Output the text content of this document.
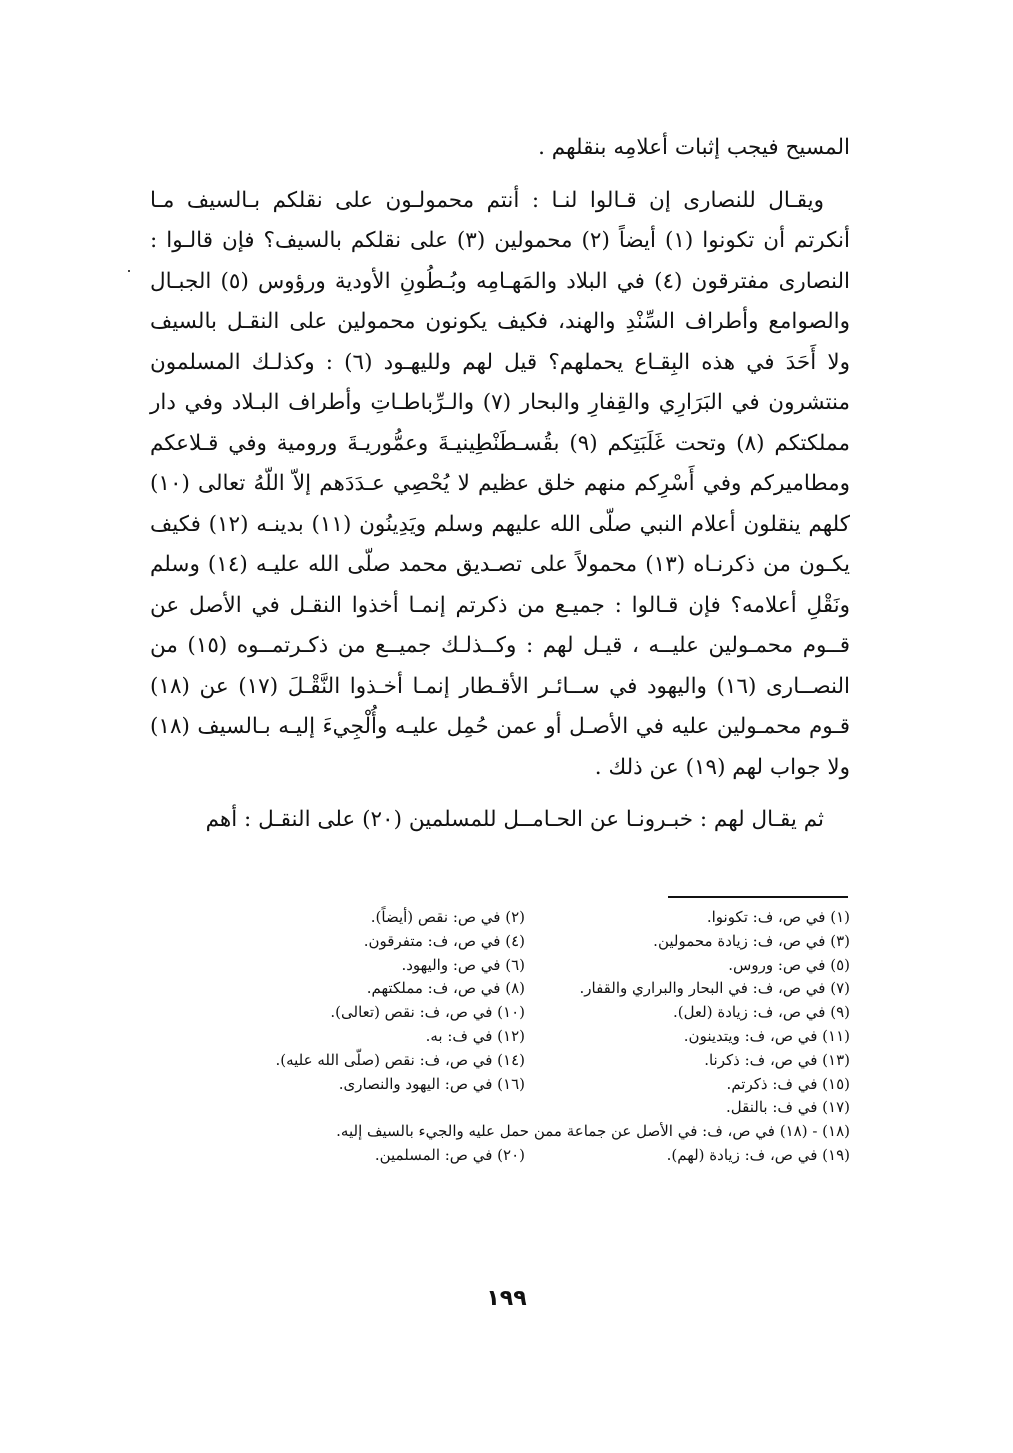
المسيح فيجب إثبات أعلامِه بنقلهم .

ويقـال للنصارى إن قـالوا لنـا : أنتم محمولـون على نقلكم بـالسيف مـا أنكرتم أن تكونوا (١) أيضاً (٢) محمولين (٣) على نقلكم بالسيف؟ فإن قالـوا : النصارى مفترقون (٤) في البلاد والمَهـامِه وبُـطُونِ الأودية ورؤوس (٥) الجبـال والصوامع وأطراف السِّنْدِ والهند، فكيف يكونون محمولين على النقـل بالسيف ولا أَحَدَ في هذه البِقـاع يحملهم؟ قيل لهم ولليهـود (٦) : وكذلـك المسلمون منتشرون في البَرَارِي والقِفارِ والبحار (٧) والـرِّباطـاتِ وأطراف البـلاد وفي دار مملكتكم (٨) وتحت غَلَبَتِكم (٩) بقُسـطَنْطِينيـةَ وعمُّوريـةَ ورومية وفي قـلاعكم ومطاميركم وفي أَسْرِكم منهم خلق عظيم لا يُحْصِي عـدَدَهم إلاّ اللّهُ تعالى (١٠) كلهم ينقلون أعلام النبي صلّى الله عليهم وسلم ويَدِينُون (١١) بدينـه (١٢) فكيف يكـون من ذكرنـاه (١٣) محمولاً على تصـديق محمد صلّى الله عليـه (١٤) وسلم ونَقْلِ أعلامه؟ فإن قـالوا : جميـع من ذكرتم إنمـا أخذوا النقـل في الأصل عن قــوم محمـولين عليــه ، قيـل لهم : وكــذلـك جميــع من ذكـرتمــوه (١٥) من النصــارى (١٦) واليهود في ســائـر الأقـطار إنمـا أخـذوا النَّقْـلَ (١٧) عن (١٨) قـوم محمـولين عليه في الأصـل أو عمن حُمِل عليـه وأُلْجِيءَ إليـه بـالسيف (١٨) ولا جواب لهم (١٩) عن ذلك .

ثم يقـال لهم : خبـرونـا عن الحـامــل للمسلمين (٢٠) على النقـل : أهم

(١) في ص، ف: تكونوا.
(٢) في ص: نقص (أيضاً).
(٣) في ص، ف: زيادة محمولين.
(٤) في ص، ف: متفرقون.
(٥) في ص: وروس.
(٦) في ص: واليهود.
(٧) في ص، ف: في البحار والبراري والقفار.
(٨) في ص، ف: مملكتهم.
(٩) في ص، ف: زيادة (لعل).
(١٠) في ص، ف: نقص (تعالى).
(١١) في ص، ف: ويتدينون.
(١٢) في ف: به.
(١٣) في ص، ف: ذكرنا.
(١٤) في ص، ف: نقص (صلّى الله عليه).
(١٥) في ف: ذكرتم.
(١٦) في ص: اليهود والنصارى.
(١٧) في ف: بالنقل.
(١٨) - (١٨) في ص، ف: في الأصل عن جماعة ممن حمل عليه والجيء بالسيف إليه.
(١٩) في ص، ف: زيادة (لهم).
(٢٠) في ص: المسلمين.
١٩٩
